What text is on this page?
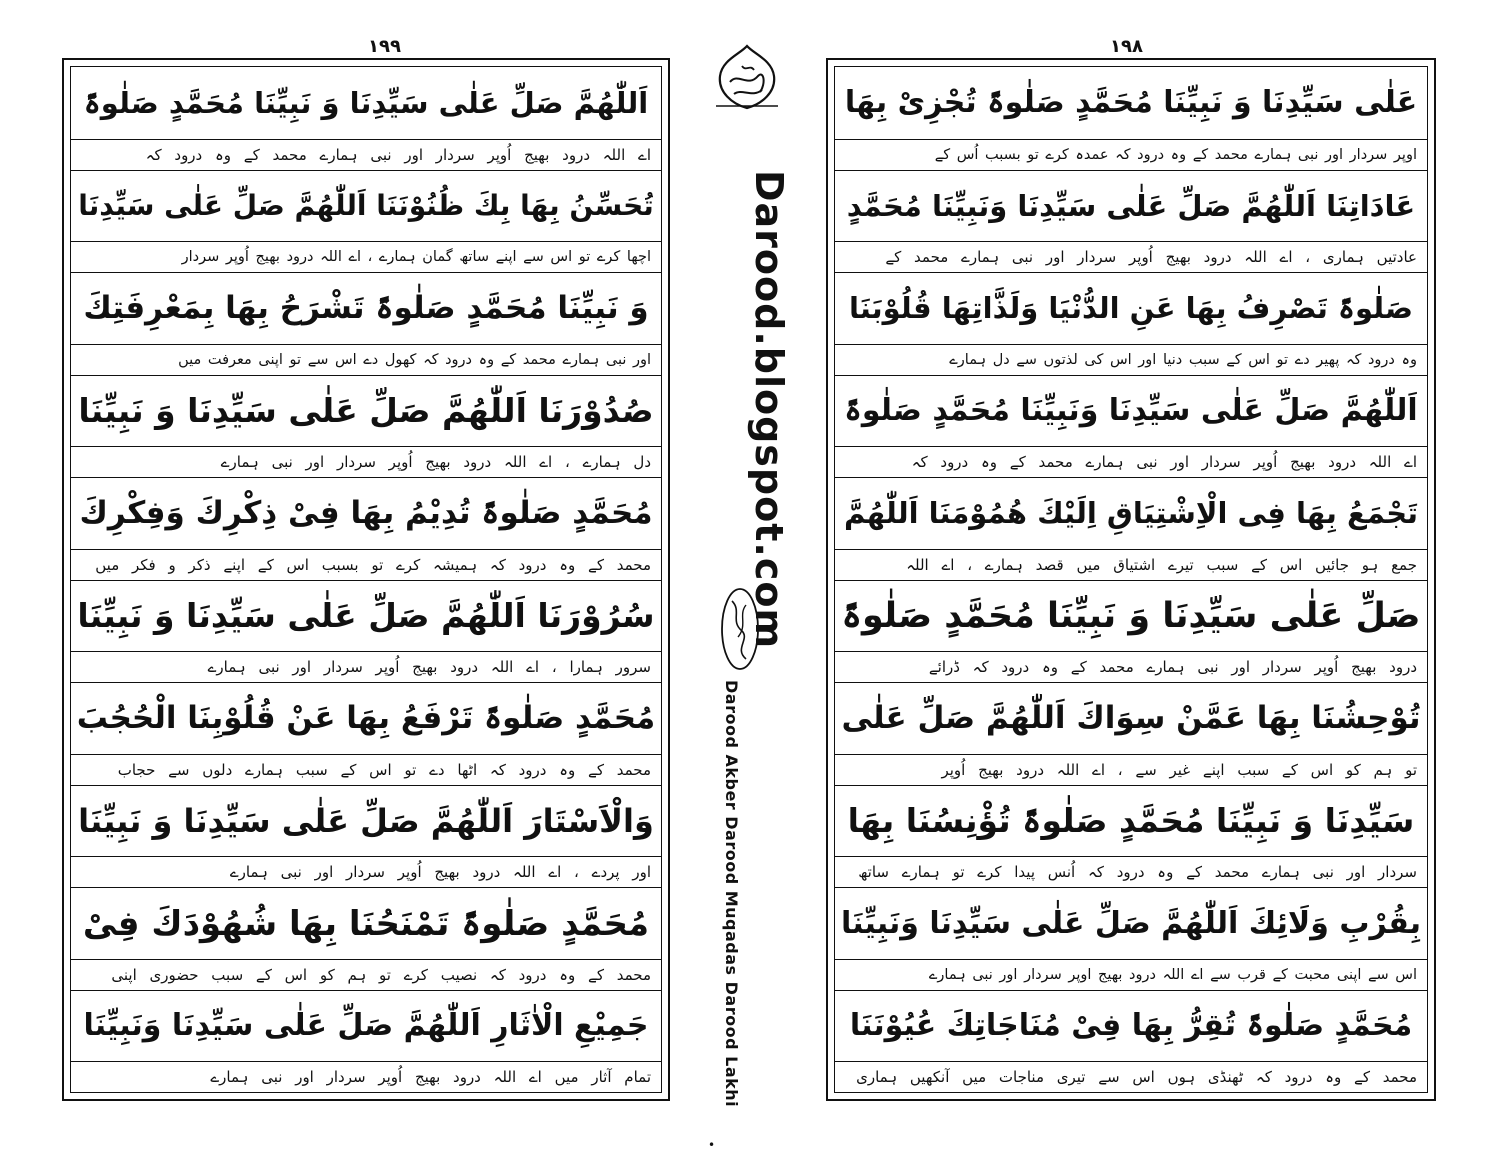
١٩٩	١٩٨
اَللّٰھُمَّ صَلِّ عَلٰی سَیِّدِنَا وَ نَبِیِّنَا مُحَمَّدٍ صَلٰوۃً
اے اللہ درود بھیج اُوپر سردار اور نبی ہمارے محمد کے وہ درود کہ
تُحَسِّنُ بِھَا بِكَ ظُنُوْنَنَا اَللّٰھُمَّ صَلِّ عَلٰی سَیِّدِنَا
اچھا کرے تو اس سے اپنے ساتھ گمان ہمارے ، اے اللہ درود بھیج اُوپر سردار
وَ نَبِیِّنَا مُحَمَّدٍ صَلٰوۃً تَشْرَحُ بِھَا بِمَعْرِفَتِكَ
اور نبی ہمارے محمد کے وہ درود کہ کھول دے اس سے تو اپنی معرفت میں
صُدُوْرَنَا اَللّٰھُمَّ صَلِّ عَلٰی سَیِّدِنَا وَ نَبِیِّنَا
دل ہمارے ، اے اللہ درود بھیج اُوپر سردار اور نبی ہمارے
مُحَمَّدٍ صَلٰوۃً تُدِیْمُ بِھَا فِیْ ذِكْرِكَ وَفِكْرِكَ
محمد کے وہ درود کہ ہمیشہ کرے تو بسبب اس کے اپنے ذکر و فکر میں
سُرُوْرَنَا اَللّٰھُمَّ صَلِّ عَلٰی سَیِّدِنَا وَ نَبِیِّنَا
سرور ہمارا ، اے اللہ درود بھیج اُوپر سردار اور نبی ہمارے
مُحَمَّدٍ صَلٰوۃً تَرْفَعُ بِھَا عَنْ قُلُوْبِنَا الْحُجُبَ
محمد کے وہ درود کہ اٹھا دے تو اس کے سبب ہمارے دلوں سے حجاب
وَالْاَسْتَارَ اَللّٰھُمَّ صَلِّ عَلٰی سَیِّدِنَا وَ نَبِیِّنَا
اور پردے ، اے اللہ درود بھیج اُوپر سردار اور نبی ہمارے
مُحَمَّدٍ صَلٰوۃً تَمْنَحُنَا بِھَا شُھُوْدَكَ فِیْ
محمد کے وہ درود کہ نصیب کرے تو ہم کو اس کے سبب حضوری اپنی
جَمِیْعِ الْاٰثَارِ اَللّٰھُمَّ صَلِّ عَلٰی سَیِّدِنَا وَنَبِیِّنَا
تمام آثار میں اے اللہ درود بھیج اُوپر سردار اور نبی ہمارے
عَلٰی سَیِّدِنَا وَ نَبِیِّنَا مُحَمَّدٍ صَلٰوۃً تُجْزِیْ بِھَا
اوپر سردار اور نبی ہمارے محمد کے وہ درود کہ عمدہ کرے تو بسبب اُس کے
عَادَاتِنَا اَللّٰھُمَّ صَلِّ عَلٰی سَیِّدِنَا وَنَبِیِّنَا مُحَمَّدٍ
عادتیں ہماری ، اے اللہ درود بھیج اُوپر سردار اور نبی ہمارے محمد کے
صَلٰوۃً تَصْرِفُ بِھَا عَنِ الدُّنْیَا وَلَذَّاتِھَا قُلُوْبَنَا
وہ درود کہ پھیر دے تو اس کے سبب دنیا اور اس کی لذتوں سے دل ہمارے
اَللّٰھُمَّ صَلِّ عَلٰی سَیِّدِنَا وَنَبِیِّنَا مُحَمَّدٍ صَلٰوۃً
اے اللہ درود بھیج اُوپر سردار اور نبی ہمارے محمد کے وہ درود کہ
تَجْمَعُ بِھَا فِی الْاِشْتِیَاقِ اِلَیْكَ ھُمُوْمَنَا اَللّٰھُمَّ
جمع ہو جائیں اس کے سبب تیرے اشتیاق میں قصد ہمارے ، اے اللہ
صَلِّ عَلٰی سَیِّدِنَا وَ نَبِیِّنَا مُحَمَّدٍ صَلٰوۃً
درود بھیج اُوپر سردار اور نبی ہمارے محمد کے وہ درود کہ ڈرائے
تُوْحِشُنَا بِھَا عَمَّنْ سِوَاكَ اَللّٰھُمَّ صَلِّ عَلٰی
تو ہم کو اس کے سبب اپنے غیر سے ، اے اللہ درود بھیج اُوپر
سَیِّدِنَا وَ نَبِیِّنَا مُحَمَّدٍ صَلٰوۃً تُؤْنِسُنَا بِھَا
سردار اور نبی ہمارے محمد کے وہ درود کہ اُنس پیدا کرے تو ہمارے ساتھ
بِقُرْبِ وَلَائِكَ اَللّٰھُمَّ صَلِّ عَلٰی سَیِّدِنَا وَنَبِیِّنَا
اس سے اپنی محبت کے قرب سے اے اللہ درود بھیج اوپر سردار اور نبی ہمارے
مُحَمَّدٍ صَلٰوۃً تُقِرُّ بِھَا فِیْ مُنَاجَاتِكَ عُیُوْنَنَا
محمد کے وہ درود کہ ٹھنڈی ہوں اس سے تیری مناجات میں آنکھیں ہماری
Darood.blogspot.com
Darood Akber Darood Muqadas Darood Lakhi
•
